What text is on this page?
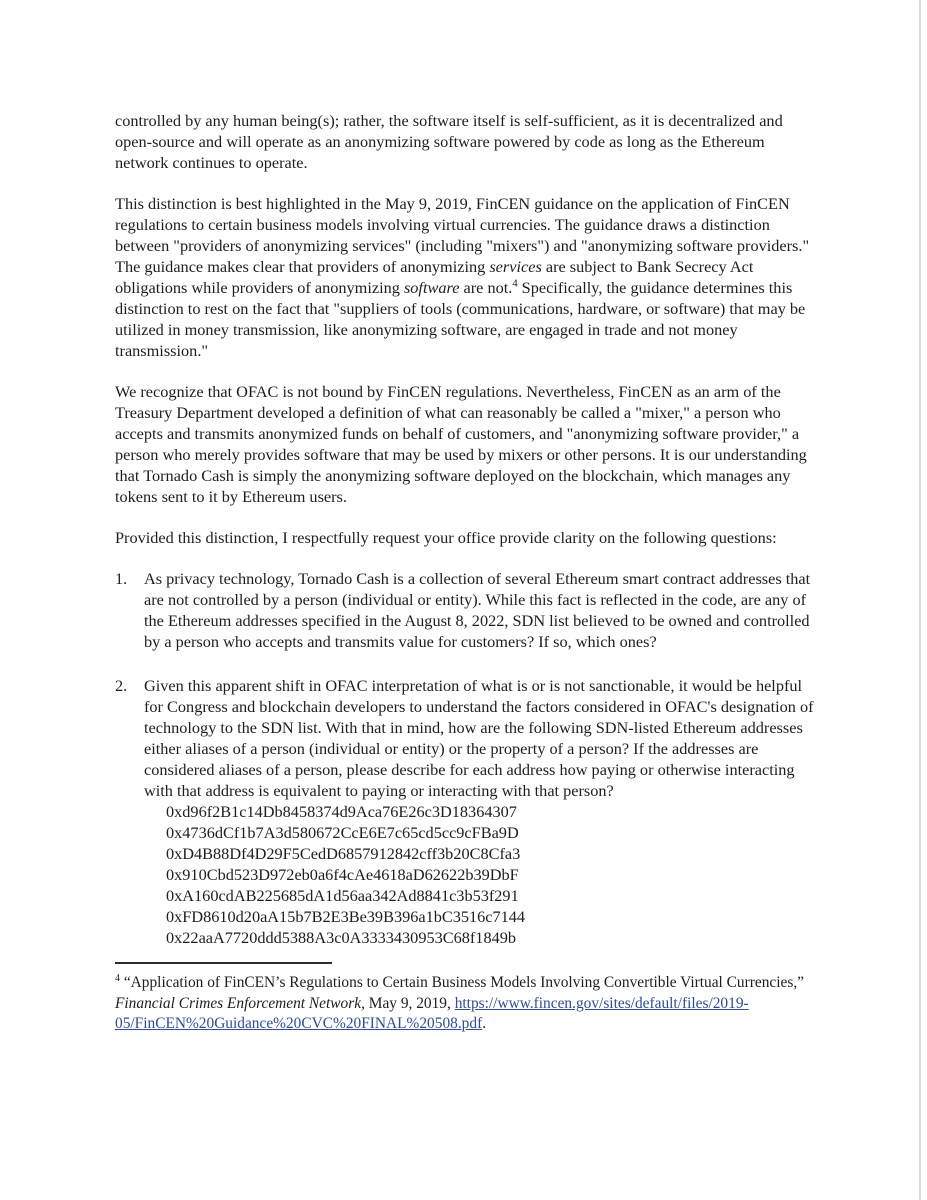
controlled by any human being(s); rather, the software itself is self-sufficient, as it is decentralized and open-source and will operate as an anonymizing software powered by code as long as the Ethereum network continues to operate.

This distinction is best highlighted in the May 9, 2019, FinCEN guidance on the application of FinCEN regulations to certain business models involving virtual currencies. The guidance draws a distinction between "providers of anonymizing services" (including "mixers") and "anonymizing software providers." The guidance makes clear that providers of anonymizing services are subject to Bank Secrecy Act obligations while providers of anonymizing software are not.$^4$ Specifically, the guidance determines this distinction to rest on the fact that "suppliers of tools (communications, hardware, or software) that may be utilized in money transmission, like anonymizing software, are engaged in trade and not money transmission."

We recognize that OFAC is not bound by FinCEN regulations. Nevertheless, FinCEN as an arm of the Treasury Department developed a definition of what can reasonably be called a "mixer," a person who accepts and transmits anonymized funds on behalf of customers, and "anonymizing software provider," a person who merely provides software that may be used by mixers or other persons. It is our understanding that Tornado Cash is simply the anonymizing software deployed on the blockchain, which manages any tokens sent to it by Ethereum users.

Provided this distinction, I respectfully request your office provide clarity on the following questions:

1.	As privacy technology, Tornado Cash is a collection of several Ethereum smart contract addresses that are not controlled by a person (individual or entity). While this fact is reflected in the code, are any of the Ethereum addresses specified in the August 8, 2022, SDN list believed to be owned and controlled by a person who accepts and transmits value for customers? If so, which ones?
2.	Given this apparent shift in OFAC interpretation of what is or is not sanctionable, it would be helpful for Congress and blockchain developers to understand the factors considered in OFAC's designation of technology to the SDN list. With that in mind, how are the following SDN-listed Ethereum addresses either aliases of a person (individual or entity) or the property of a person? If the addresses are considered aliases of a person, please describe for each address how paying or otherwise interacting with that address is equivalent to paying or interacting with that person?
0xd96f2B1c14Db8458374d9Aca76E26c3D18364307
0x4736dCf1b7A3d580672CcE6E7c65cd5cc9cFBa9D
0xD4B88Df4D29F5CedD6857912842cff3b20C8Cfa3
0x910Cbd523D972eb0a6f4cAe4618aD62622b39DbF
0xA160cdAB225685dA1d56aa342Ad8841c3b53f291
0xFD8610d20aA15b7B2E3Be39B396a1bC3516c7144
0x22aaA7720ddd5388A3c0A3333430953C68f1849b
$^4$ “Application of FinCEN’s Regulations to Certain Business Models Involving Convertible Virtual Currencies,” Financial Crimes Enforcement Network, May 9, 2019, https://www.fincen.gov/sites/default/files/2019-05/FinCEN%20Guidance%20CVC%20FINAL%20508.pdf.
